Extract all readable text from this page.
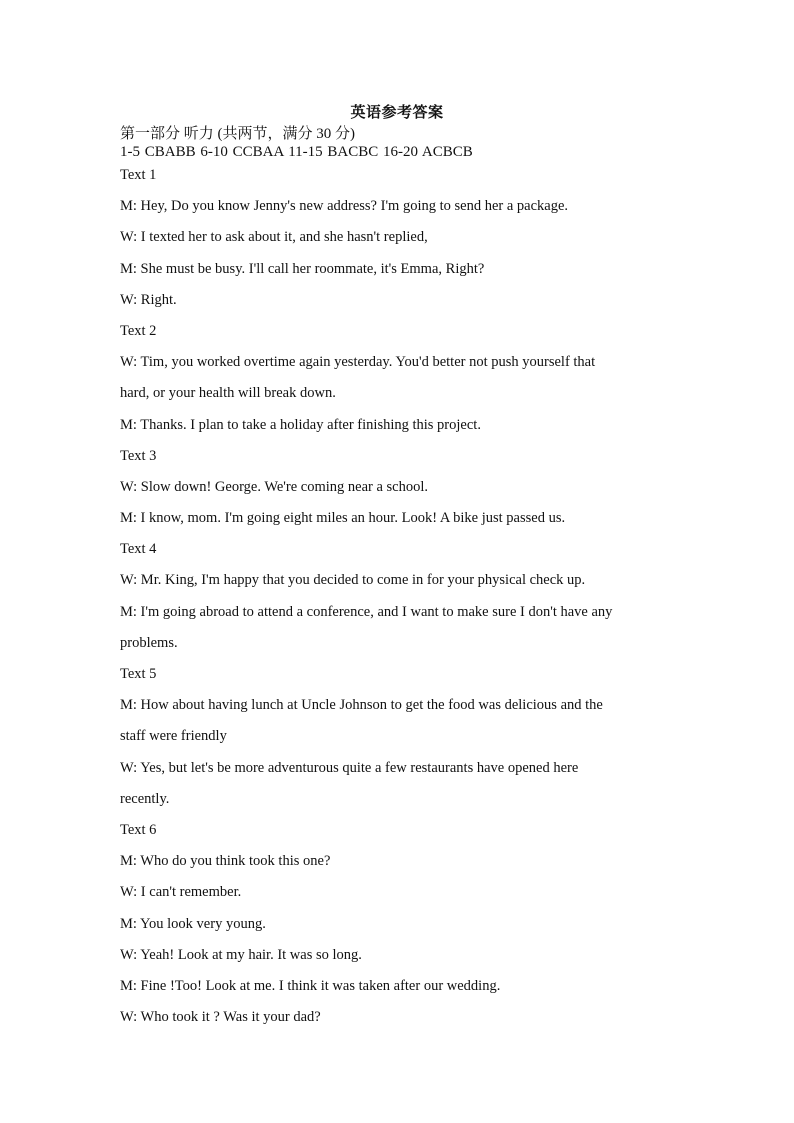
英语参考答案
第一部分 听力 (共两节，满分 30 分)
1-5 CBABB 6-10 CCBAA 11-15 BACBC 16-20 ACBCB
Text 1
M: Hey, Do you know Jenny's new address? I'm going to send her a package.
W: I texted her to ask about it, and she hasn't replied,
M: She must be busy. I'll call her roommate, it's Emma, Right?
W: Right.
Text 2
W: Tim, you worked overtime again yesterday. You'd better not push yourself that
hard, or your health will break down.
M: Thanks. I plan to take a holiday after finishing this project.
Text 3
W: Slow down! George. We're coming near a school.
M: I know, mom. I'm going eight miles an hour. Look! A bike just passed us.
Text 4
W: Mr. King, I'm happy that you decided to come in for your physical check up.
M: I'm going abroad to attend a conference, and I want to make sure I don't have any
problems.
Text 5
M: How about having lunch at Uncle Johnson to get the food was delicious and the
staff were friendly
W: Yes, but let's be more adventurous quite a few restaurants have opened here
recently.
Text 6
M: Who do you think took this one?
W: I can't remember.
M: You look very young.
W: Yeah! Look at my hair. It was so long.
M: Fine !Too! Look at me. I think it was taken after our wedding.
W: Who took it ? Was it your dad?
